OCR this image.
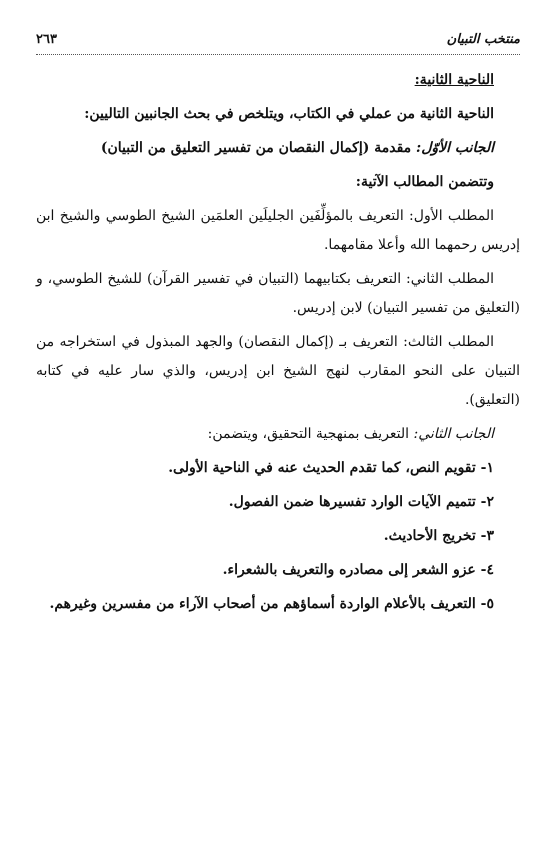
منتخب التبيان
٢٦٣

الناحية الثانية:

الناحية الثانية من عملي في الكتاب، ويتلخص في بحث الجانبين التاليين:

الجانب الأوّل: مقدمة (إكمال النقصان من تفسير التعليق من التبيان)

وتتضمن المطالب الآتية:

المطلب الأول: التعريف بالمؤلِّفَين الجليلَين العلمَين الشيخ الطوسي والشيخ ابن إدريس رحمهما الله وأعلا مقامهما.

المطلب الثاني: التعريف بكتابيهما (التبيان في تفسير القرآن) للشيخ الطوسي، و (التعليق من تفسير التبيان) لابن إدريس.

المطلب الثالث: التعريف بـ (إكمال النقصان) والجهد المبذول في استخراجه من التبيان على النحو المقارب لنهج الشيخ ابن إدريس، والذي سار عليه في كتابه (التعليق).

الجانب الثاني: التعريف بمنهجية التحقيق، ويتضمن:

١- تقويم النص، كما تقدم الحديث عنه في الناحية الأولى.
٢- تتميم الآيات الوارد تفسيرها ضمن الفصول.
٣- تخريج الأحاديث.
٤- عزو الشعر إلى مصادره والتعريف بالشعراء.
٥- التعريف بالأعلام الواردة أسماؤهم من أصحاب الآراء من مفسرين وغيرهم.
